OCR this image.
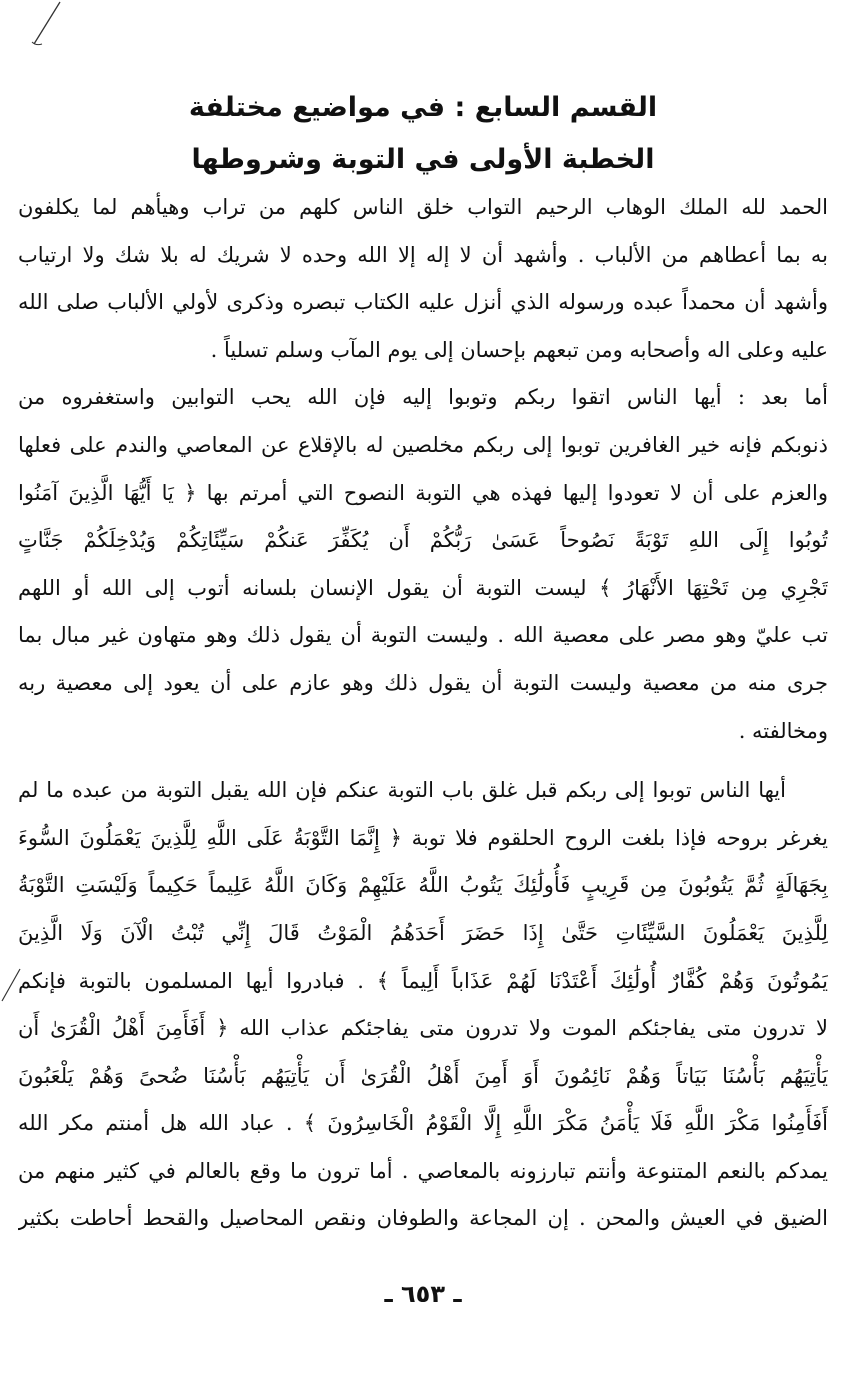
القسم السابع : في مواضيع مختلفة
الخطبة الأولى في التوبة وشروطها
الحمد لله الملك الوهاب الرحيم التواب خلق الناس كلهم من تراب وهيأهم لما يكلفون
به بما أعطاهم من الألباب . وأشهد أن لا إله إلا الله وحده لا شريك له بلا شك ولا ارتياب
وأشهد أن محمداً عبده ورسوله الذي أنزل عليه الكتاب تبصره وذكرى لأولي الألباب صلى الله
عليه وعلى اله وأصحابه ومن تبعهم بإحسان إلى يوم المآب وسلم تسلياً .
أما بعد : أيها الناس اتقوا ربكم وتوبوا إليه فإن الله يحب التوابين واستغفروه من
ذنوبكم فإنه خير الغافرين توبوا إلى ربكم مخلصين له بالإقلاع عن المعاصي والندم على فعلها
والعزم على أن لا تعودوا إليها فهذه هي التوبة النصوح التي أمرتم بها ﴿ يَا أَيُّهَا الَّذِينَ آمَنُوا
تُوبُوا إِلَى اللهِ تَوْبَةً نَصُوحاً عَسَىٰ رَبُّكُمْ أَن يُكَفِّرَ عَنكُمْ سَيِّئَاتِكُمْ وَيُدْخِلَكُمْ جَنَّاتٍ
تَجْرِي مِن تَحْتِهَا الأَنْهَارُ ﴾ ليست التوبة أن يقول الإنسان بلسانه أتوب إلى الله أو اللهم
تب عليّ وهو مصر على معصية الله . وليست التوبة أن يقول ذلك وهو متهاون غير مبال بما
جرى منه من معصية وليست التوبة أن يقول ذلك وهو عازم على أن يعود إلى معصية ربه
ومخالفته .
أيها الناس توبوا إلى ربكم قبل غلق باب التوبة عنكم فإن الله يقبل التوبة من عبده ما لم
يغرغر بروحه فإذا بلغت الروح الحلقوم فلا توبة ﴿ إِنَّمَا التَّوْبَةُ عَلَى اللَّهِ لِلَّذِينَ يَعْمَلُونَ السُّوءَ
بِجَهَالَةٍ ثُمَّ يَتُوبُونَ مِن قَرِيبٍ فَأُولَٰئِكَ يَتُوبُ اللَّهُ عَلَيْهِمْ وَكَانَ اللَّهُ عَلِيماً حَكِيماً وَلَيْسَتِ التَّوْبَةُ
لِلَّذِينَ يَعْمَلُونَ السَّيِّئَاتِ حَتَّىٰ إِذَا حَضَرَ أَحَدَهُمُ الْمَوْتُ قَالَ إِنِّي تُبْتُ الْآنَ وَلَا الَّذِينَ
يَمُوتُونَ وَهُمْ كُفَّارٌ أُولَٰئِكَ أَعْتَدْنَا لَهُمْ عَذَاباً أَلِيماً ﴾ . فبادروا أيها المسلمون بالتوبة فإنكم
لا تدرون متى يفاجئكم الموت ولا تدرون متى يفاجئكم عذاب الله ﴿ أَفَأَمِنَ أَهْلُ الْقُرَىٰ أَن
يَأْتِيَهُم بَأْسُنَا بَيَاتاً وَهُمْ نَائِمُونَ أَوَ أَمِنَ أَهْلُ الْقُرَىٰ أَن يَأْتِيَهُم بَأْسُنَا ضُحىً وَهُمْ يَلْعَبُونَ
أَفَأَمِنُوا مَكْرَ اللَّهِ فَلَا يَأْمَنُ مَكْرَ اللَّهِ إِلَّا الْقَوْمُ الْخَاسِرُونَ ﴾ . عباد الله هل أمنتم مكر الله
يمدكم بالنعم المتنوعة وأنتم تبارزونه بالمعاصي . أما ترون ما وقع بالعالم في كثير منهم من
الضيق في العيش والمحن . إن المجاعة والطوفان ونقص المحاصيل والقحط أحاطت بكثير
ـ ٦٥٣ ـ
